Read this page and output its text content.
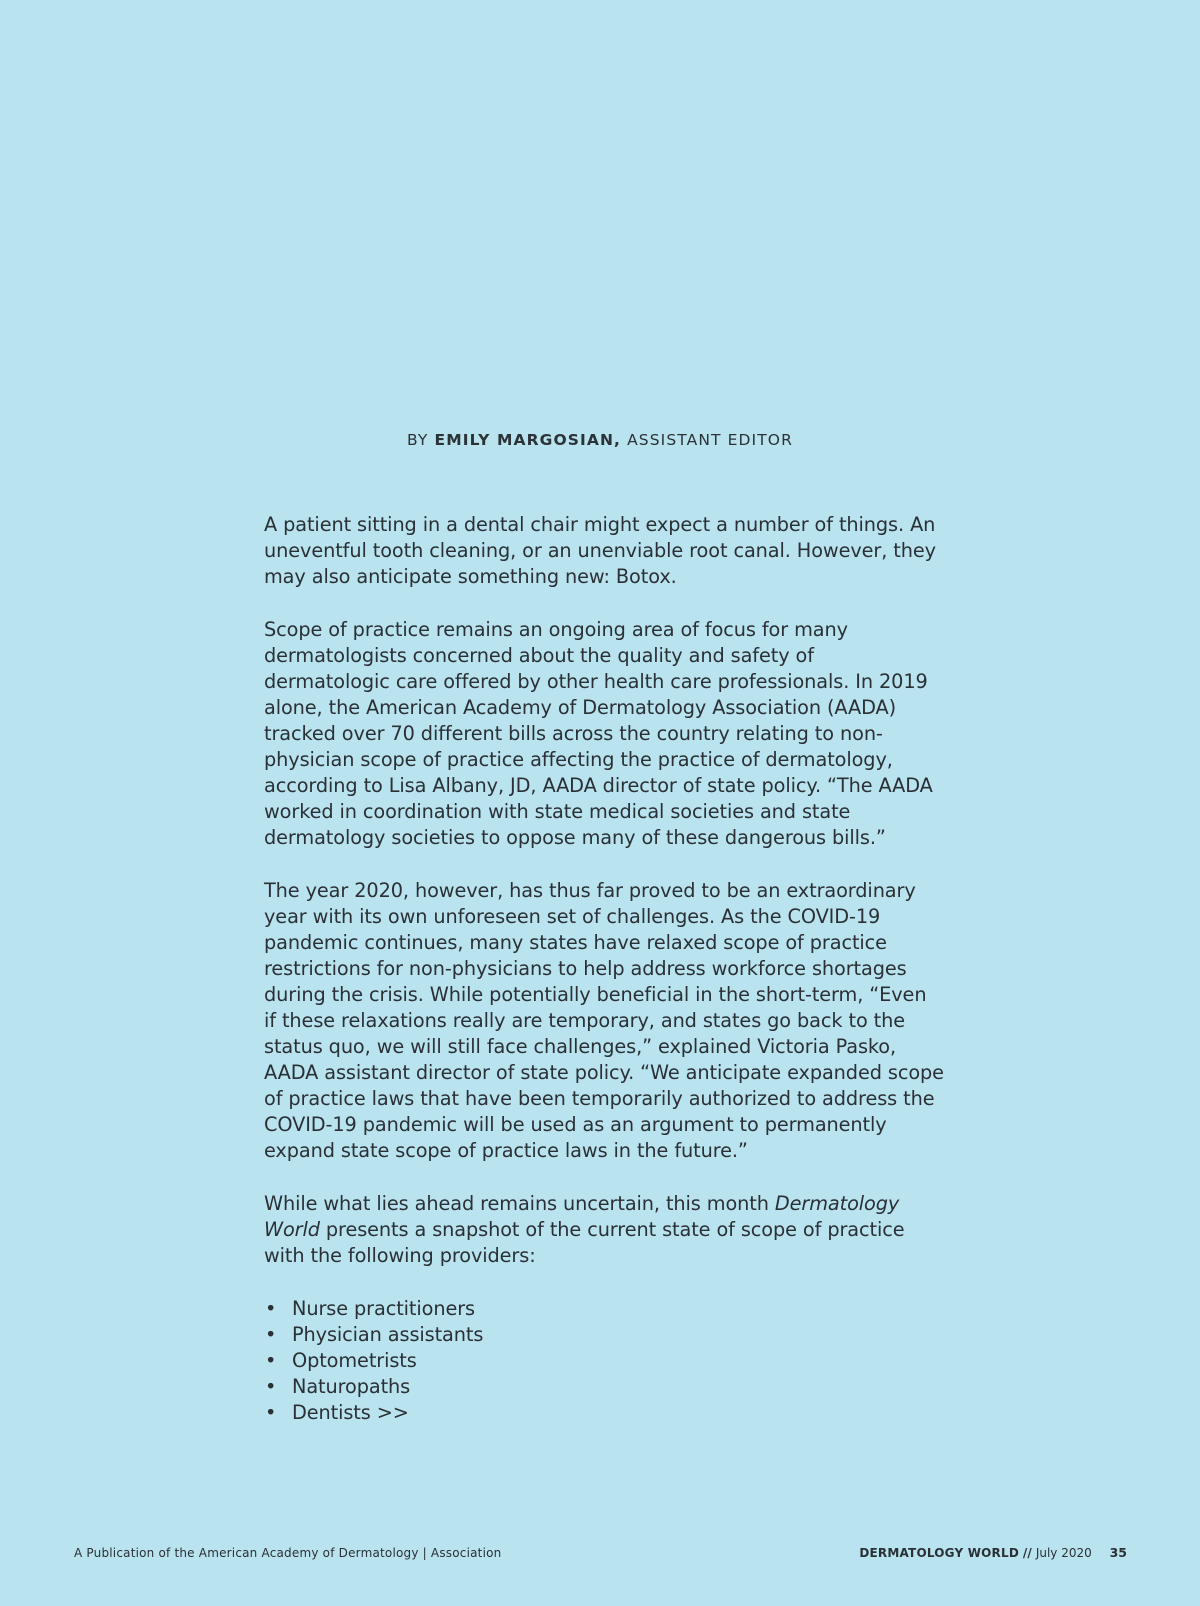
BY EMILY MARGOSIAN, ASSISTANT EDITOR

A patient sitting in a dental chair might expect a number of things. An uneventful tooth cleaning, or an unenviable root canal. However, they may also anticipate something new: Botox.

Scope of practice remains an ongoing area of focus for many dermatologists concerned about the quality and safety of dermatologic care offered by other health care professionals. In 2019 alone, the American Academy of Dermatology Association (AADA) tracked over 70 different bills across the country relating to non-physician scope of practice affecting the practice of dermatology, according to Lisa Albany, JD, AADA director of state policy. “The AADA worked in coordination with state medical societies and state dermatology societies to oppose many of these dangerous bills.”

The year 2020, however, has thus far proved to be an extraordinary year with its own unforeseen set of challenges. As the COVID-19 pandemic continues, many states have relaxed scope of practice restrictions for non-physicians to help address workforce shortages during the crisis. While potentially beneficial in the short-term, “Even if these relaxations really are temporary, and states go back to the status quo, we will still face challenges,” explained Victoria Pasko, AADA assistant director of state policy. “We anticipate expanded scope of practice laws that have been temporarily authorized to address the COVID-19 pandemic will be used as an argument to permanently expand state scope of practice laws in the future.”

While what lies ahead remains uncertain, this month Dermatology World presents a snapshot of the current state of scope of practice with the following providers:

• Nurse practitioners
• Physician assistants
• Optometrists
• Naturopaths
• Dentists >>
A Publication of the American Academy of Dermatology | Association	DERMATOLOGY WORLD // July 2020 35
